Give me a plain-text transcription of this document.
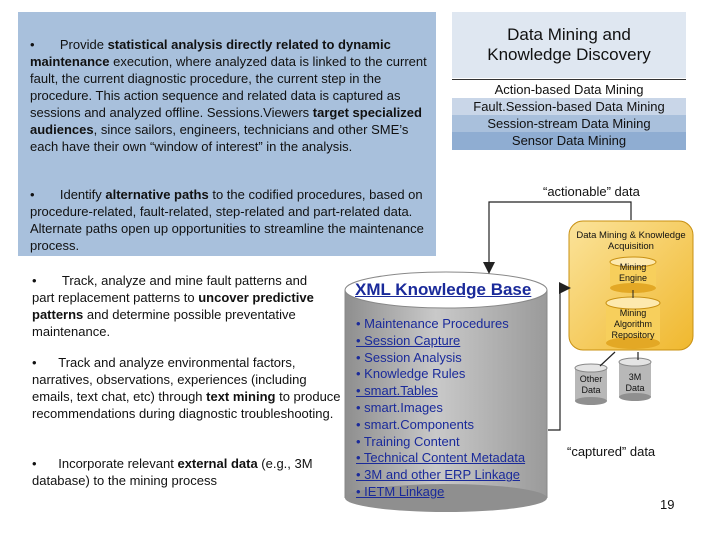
• Provide statistical analysis directly related to dynamic maintenance execution, where analyzed data is linked to the current fault, the current diagnostic procedure, the current step in the procedure. This action sequence and related data is captured as sessions and analyzed offline. Sessions.Viewers target specialized audiences, since sailors, engineers, technicians and other SME’s each have their own “window of interest” in the analysis.
• Identify alternative paths to the codified procedures, based on procedure-related, fault-related, step-related and part-related data. Alternate paths open up opportunities to streamline the maintenance process.
• Track, analyze and mine fault patterns and part replacement patterns to uncover predictive patterns and determine possible preventative maintenance.
• Track and analyze environmental factors, narratives, observations, experiences (including emails, text chat, etc) through text mining to produce recommendations during diagnostic troubleshooting.
• Incorporate relevant external data (e.g., 3M database) to the mining process
Data Mining and
Knowledge Discovery
Action-based Data Mining
Fault.Session-based Data Mining
Session-stream Data Mining
Sensor Data Mining
XML Knowledge Base
• Maintenance Procedures
• Session Capture
• Session Analysis
• Knowledge Rules
• smart.Tables
• smart.Images
• smart.Components
• Training Content
• Technical Content Metadata
• 3M and other ERP Linkage
• IETM Linkage
“actionable” data
“captured” data
Data Mining & Knowledge Acquisition
Mining Engine
Mining Algorithm Repository
Other Data
3M Data
19
